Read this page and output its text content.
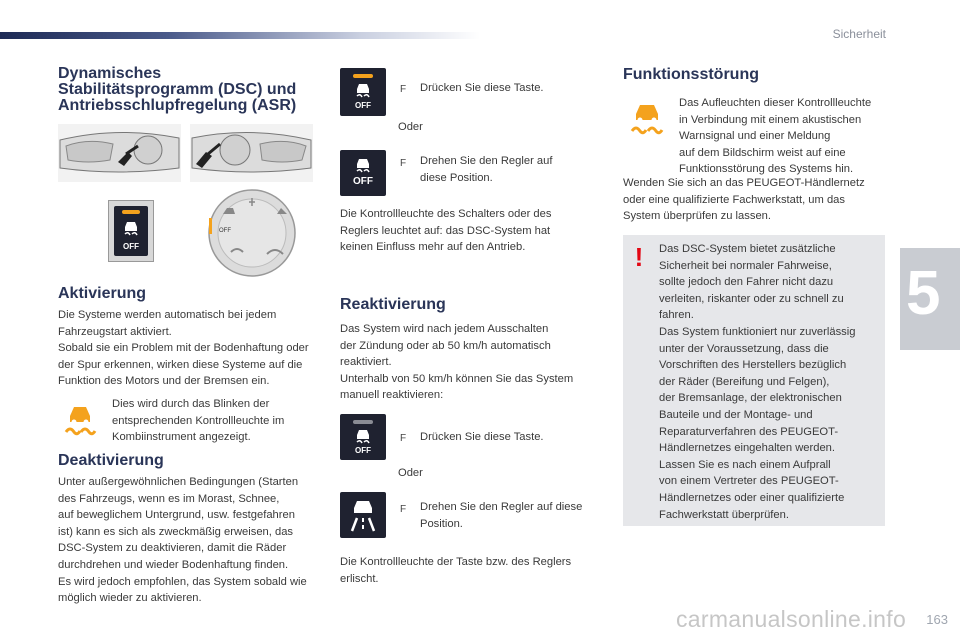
Sicherheit
5
163
carmanualsonline.info
Dynamisches
Stabilitätsprogramm (DSC) und
Antriebsschlupfregelung (ASR)
OFF
OFF
Aktivierung
Die Systeme werden automatisch bei jedem
Fahrzeugstart aktiviert.
Sobald sie ein Problem mit der Bodenhaftung oder
der Spur erkennen, wirken diese Systeme auf die
Funktion des Motors und der Bremsen ein.
Dies wird durch das Blinken der
entsprechenden Kontrollleuchte im
Kombiinstrument angezeigt.
Deaktivierung
Unter außergewöhnlichen Bedingungen (Starten
des Fahrzeugs, wenn es im Morast, Schnee,
auf beweglichem Untergrund, usw. festgefahren
ist) kann es sich als zweckmäßig erweisen, das
DSC-System zu deaktivieren, damit die Räder
durchdrehen und wieder Bodenhaftung finden.
Es wird jedoch empfohlen, das System sobald wie
möglich wieder zu aktivieren.
OFF
F Drücken Sie diese Taste.
Oder
OFF
F Drehen Sie den Regler auf
diese Position.
Die Kontrollleuchte des Schalters oder des
Reglers leuchtet auf: das DSC-System hat
keinen Einfluss mehr auf den Antrieb.
Reaktivierung
Das System wird nach jedem Ausschalten
der Zündung oder ab 50 km/h automatisch
reaktiviert.
Unterhalb von 50 km/h können Sie das System
manuell reaktivieren:
OFF
F Drücken Sie diese Taste.
Oder
F Drehen Sie den Regler auf diese
Position.
Die Kontrollleuchte der Taste bzw. des Reglers
erlischt.
Funktionsstörung
Das Aufleuchten dieser Kontrollleuchte
in Verbindung mit einem akustischen
Warnsignal und einer Meldung
auf dem Bildschirm weist auf eine
Funktionsstörung des Systems hin.
Wenden Sie sich an das PEUGEOT-Händlernetz
oder eine qualifizierte Fachwerkstatt, um das
System überprüfen zu lassen.
!	Das DSC-System bietet zusätzliche
Sicherheit bei normaler Fahrweise,
sollte jedoch den Fahrer nicht dazu
verleiten, riskanter oder zu schnell zu
fahren.
Das System funktioniert nur zuverlässig
unter der Voraussetzung, dass die
Vorschriften des Herstellers bezüglich
der Räder (Bereifung und Felgen),
der Bremsanlage, der elektronischen
Bauteile und der Montage- und
Reparaturverfahren des PEUGEOT-
Händlernetzes eingehalten werden.
Lassen Sie es nach einem Aufprall
von einem Vertreter des PEUGEOT-
Händlernetzes oder einer qualifizierte
Fachwerkstatt überprüfen.
